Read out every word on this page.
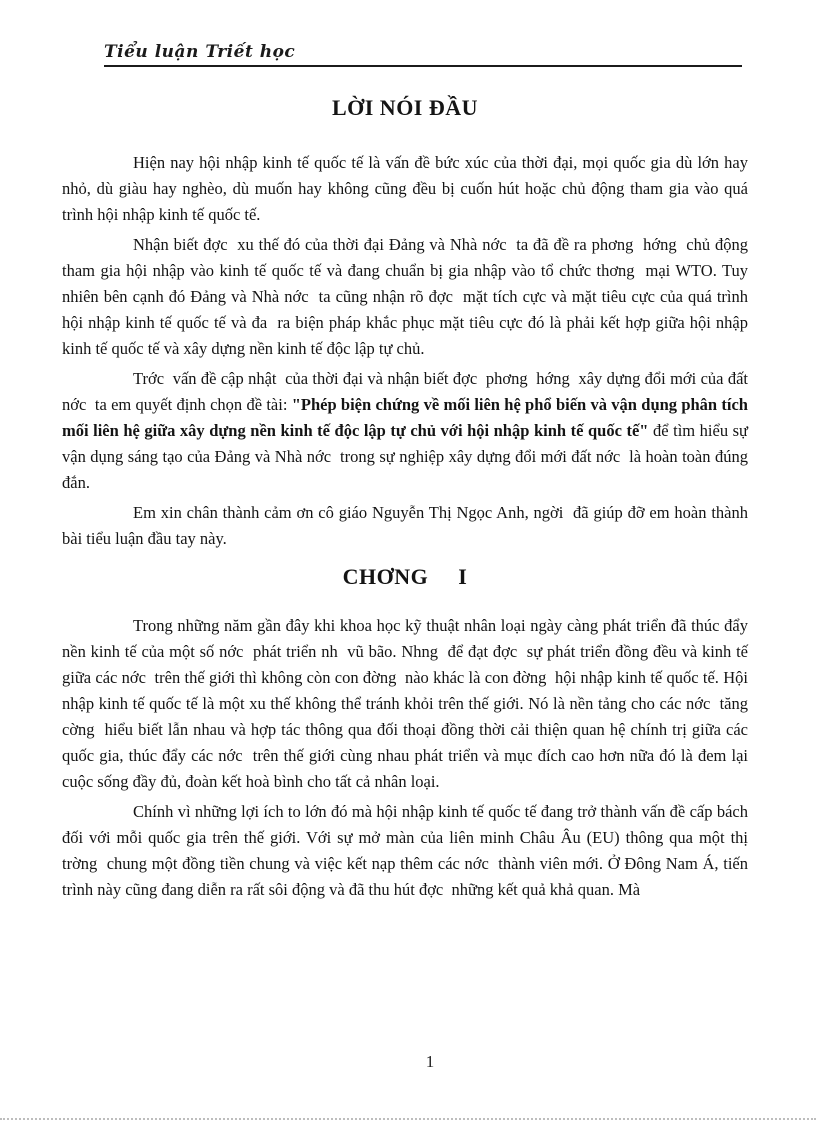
Tiểu luận Triết học
LỜI NÓI ĐẦU

Hiện nay hội nhập kinh tế quốc tế là vấn đề bức xúc của thời đại, mọi quốc gia dù lớn hay nhỏ, dù giàu hay nghèo, dù muốn hay không cũng đều bị cuốn hút hoặc chủ động tham gia vào quá trình hội nhập kinh tế quốc tế.

Nhận biết đợc  xu thế đó của thời đại Đảng và Nhà nớc  ta đã đề ra phơng  hớng  chủ động tham gia hội nhập vào kinh tế quốc tế và đang chuẩn bị gia nhập vào tổ chức thơng  mại WTO. Tuy nhiên bên cạnh đó Đảng và Nhà nớc  ta cũng nhận rõ đợc  mặt tích cực và mặt tiêu cực của quá trình hội nhập kinh tế quốc tế và đa  ra biện pháp khắc phục mặt tiêu cực đó là phải kết hợp giữa hội nhập kinh tế quốc tế và xây dựng nền kinh tế độc lập tự chủ.

Trớc  vấn đề cập nhật  của thời đại và nhận biết đợc  phơng  hớng  xây dựng đổi mới của đất nớc  ta em quyết định chọn đề tài: "Phép biện chứng về mối liên hệ phổ biến và vận dụng phân tích mối liên hệ giữa xây dựng nền kinh tế độc lập tự chủ với hội nhập kinh tế quốc tế" để tìm hiểu sự vận dụng sáng tạo của Đảng và Nhà nớc  trong sự nghiệp xây dựng đổi mới đất nớc  là hoàn toàn đúng đắn.

Em xin chân thành cảm ơn cô giáo Nguyễn Thị Ngọc Anh, ngời  đã giúp đỡ em hoàn thành bài tiểu luận đầu tay này.

CHƠNG     I

Trong những năm gần đây khi khoa học kỹ thuật nhân loại ngày càng phát triển đã thúc đẩy nền kinh tế của một số nớc  phát triển nh  vũ bão. Nhng  để đạt đợc  sự phát triển đồng đều và kinh tế giữa các nớc  trên thế giới thì không còn con đờng  nào khác là con đờng  hội nhập kinh tế quốc tế. Hội nhập kinh tế quốc tế là một xu thế không thể tránh khỏi trên thế giới. Nó là nền tảng cho các nớc  tăng cờng  hiểu biết lẫn nhau và hợp tác thông qua đối thoại đồng thời cải thiện quan hệ chính trị giữa các quốc gia, thúc đẩy các nớc  trên thế giới cùng nhau phát triển và mục đích cao hơn nữa đó là đem lại cuộc sống đầy đủ, đoàn kết hoà bình cho tất cả nhân loại.

Chính vì những lợi ích to lớn đó mà hội nhập kinh tế quốc tế đang trở thành vấn đề cấp bách đối với mỗi quốc gia trên thế giới. Với sự mở màn của liên minh Châu Âu (EU) thông qua một thị trờng  chung một đồng tiền chung và việc kết nạp thêm các nớc  thành viên mới. Ở Đông Nam Á, tiến trình này cũng đang diễn ra rất sôi động và đã thu hút đợc  những kết quả khả quan. Mà

1
